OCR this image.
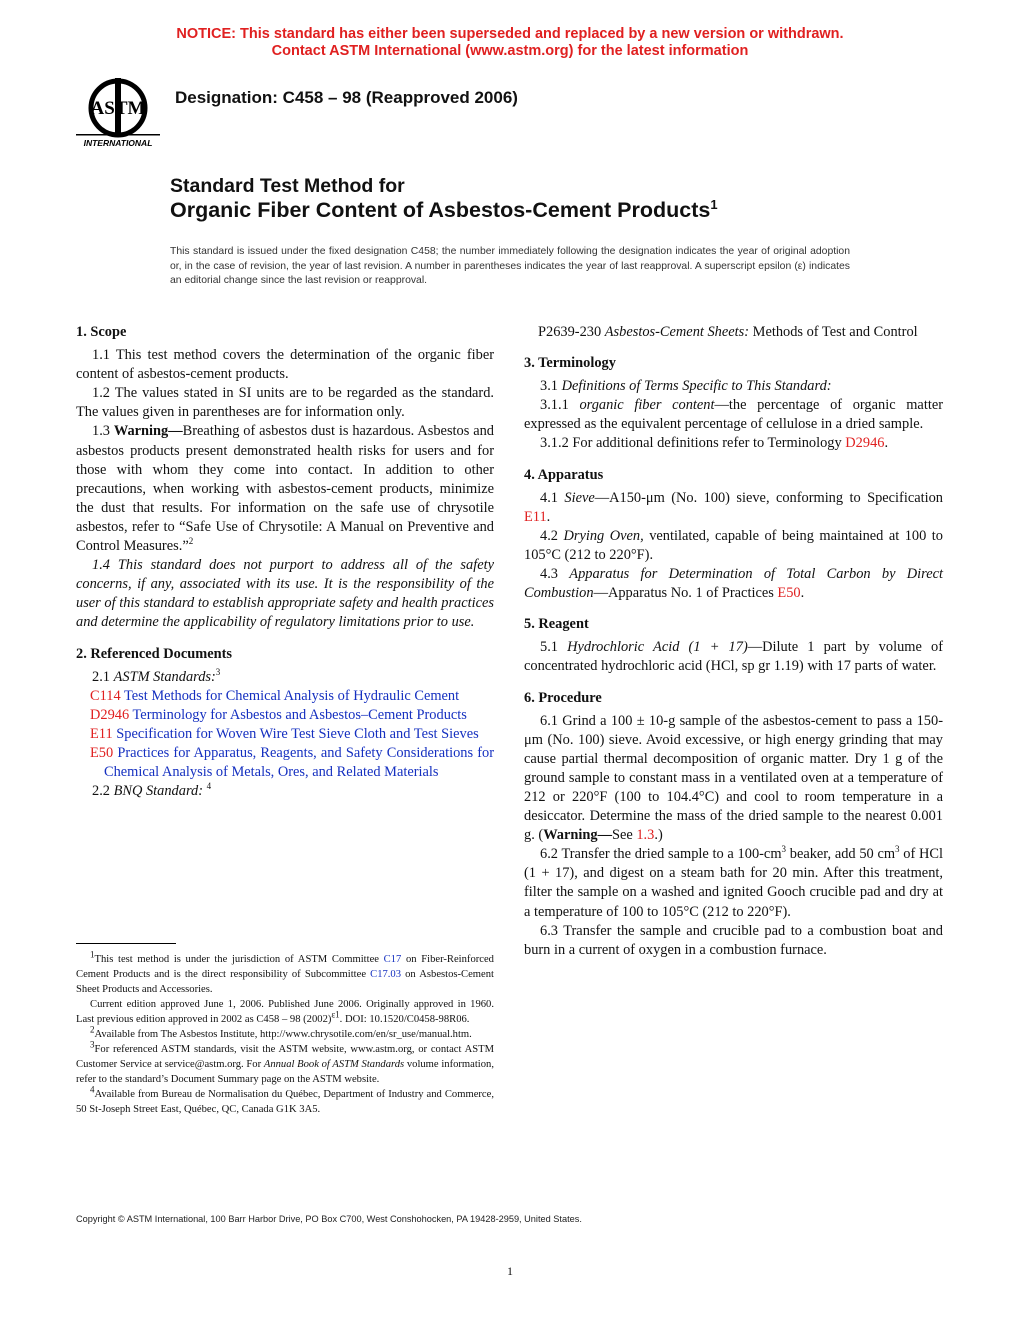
NOTICE: This standard has either been superseded and replaced by a new version or withdrawn.
Contact ASTM International (www.astm.org) for the latest information
ASTM
INTERNATIONAL
Designation: C458 – 98 (Reapproved 2006)
Standard Test Method for
Organic Fiber Content of Asbestos-Cement Products$^1$
This standard is issued under the fixed designation C458; the number immediately following the designation indicates the year of original adoption or, in the case of revision, the year of last revision. A number in parentheses indicates the year of last reapproval. A superscript epsilon (ε) indicates an editorial change since the last revision or reapproval.
1. Scope

1.1 This test method covers the determination of the organic fiber content of asbestos-cement products.

1.2 The values stated in SI units are to be regarded as the standard. The values given in parentheses are for information only.

1.3 Warning—Breathing of asbestos dust is hazardous. Asbestos and asbestos products present demonstrated health risks for users and for those with whom they come into contact. In addition to other precautions, when working with asbestos-cement products, minimize the dust that results. For information on the safe use of chrysotile asbestos, refer to “Safe Use of Chrysotile: A Manual on Preventive and Control Measures.”$^2$

1.4 This standard does not purport to address all of the safety concerns, if any, associated with its use. It is the responsibility of the user of this standard to establish appropriate safety and health practices and determine the applicability of regulatory limitations prior to use.

2. Referenced Documents

2.1 ASTM Standards:$^3$

C114 Test Methods for Chemical Analysis of Hydraulic Cement

D2946 Terminology for Asbestos and Asbestos–Cement Products

E11 Specification for Woven Wire Test Sieve Cloth and Test Sieves

E50 Practices for Apparatus, Reagents, and Safety Considerations for Chemical Analysis of Metals, Ores, and Related Materials

2.2 BNQ Standard: $^4$

$^1$This test method is under the jurisdiction of ASTM Committee C17 on Fiber-Reinforced Cement Products and is the direct responsibility of Subcommittee C17.03 on Asbestos-Cement Sheet Products and Accessories.

Current edition approved June 1, 2006. Published June 2006. Originally approved in 1960. Last previous edition approved in 2002 as C458 – 98 $(2002)^{\varepsilon 1}$. DOI: 10.1520/C0458-98R06.

$^2$Available from The Asbestos Institute, http://www.chrysotile.com/en/sr_use/manual.htm.

$^3$For referenced ASTM standards, visit the ASTM website, www.astm.org, or contact ASTM Customer Service at service@astm.org. For Annual Book of ASTM Standards volume information, refer to the standard’s Document Summary page on the ASTM website.

$^4$Available from Bureau de Normalisation du Québec, Department of Industry and Commerce, 50 St-Joseph Street East, Québec, QC, Canada G1K 3A5.

P2639-230 Asbestos-Cement Sheets: Methods of Test and Control

3. Terminology

3.1 Definitions of Terms Specific to This Standard:

3.1.1 organic fiber content—the percentage of organic matter expressed as the equivalent percentage of cellulose in a dried sample.

3.1.2 For additional definitions refer to Terminology D2946.

4. Apparatus

4.1 Sieve—A150-μm (No. 100) sieve, conforming to Specification E11.

4.2 Drying Oven, ventilated, capable of being maintained at 100 to 105°C (212 to 220°F).

4.3 Apparatus for Determination of Total Carbon by Direct Combustion—Apparatus No. 1 of Practices E50.

5. Reagent

5.1 Hydrochloric Acid (1 + 17)—Dilute 1 part by volume of concentrated hydrochloric acid (HCl, sp gr 1.19) with 17 parts of water.

6. Procedure

6.1 Grind a 100 ± 10-g sample of the asbestos-cement to pass a 150-μm (No. 100) sieve. Avoid excessive, or high energy grinding that may cause partial thermal decomposition of organic matter. Dry 1 g of the ground sample to constant mass in a ventilated oven at a temperature of 212 or 220°F (100 to 104.4°C) and cool to room temperature in a desiccator. Determine the mass of the dried sample to the nearest 0.001 g. (Warning—See 1.3.)

6.2 Transfer the dried sample to a $100-cm^3$ beaker, add 50 $cm^3$ of HCl (1 + 17), and digest on a steam bath for 20 min. After this treatment, filter the sample on a washed and ignited Gooch crucible pad and dry at a temperature of 100 to 105°C (212 to 220°F).

6.3 Transfer the sample and crucible pad to a combustion boat and burn in a current of oxygen in a combustion furnace.

Copyright © ASTM International, 100 Barr Harbor Drive, PO Box C700, West Conshohocken, PA 19428-2959, United States.
1
